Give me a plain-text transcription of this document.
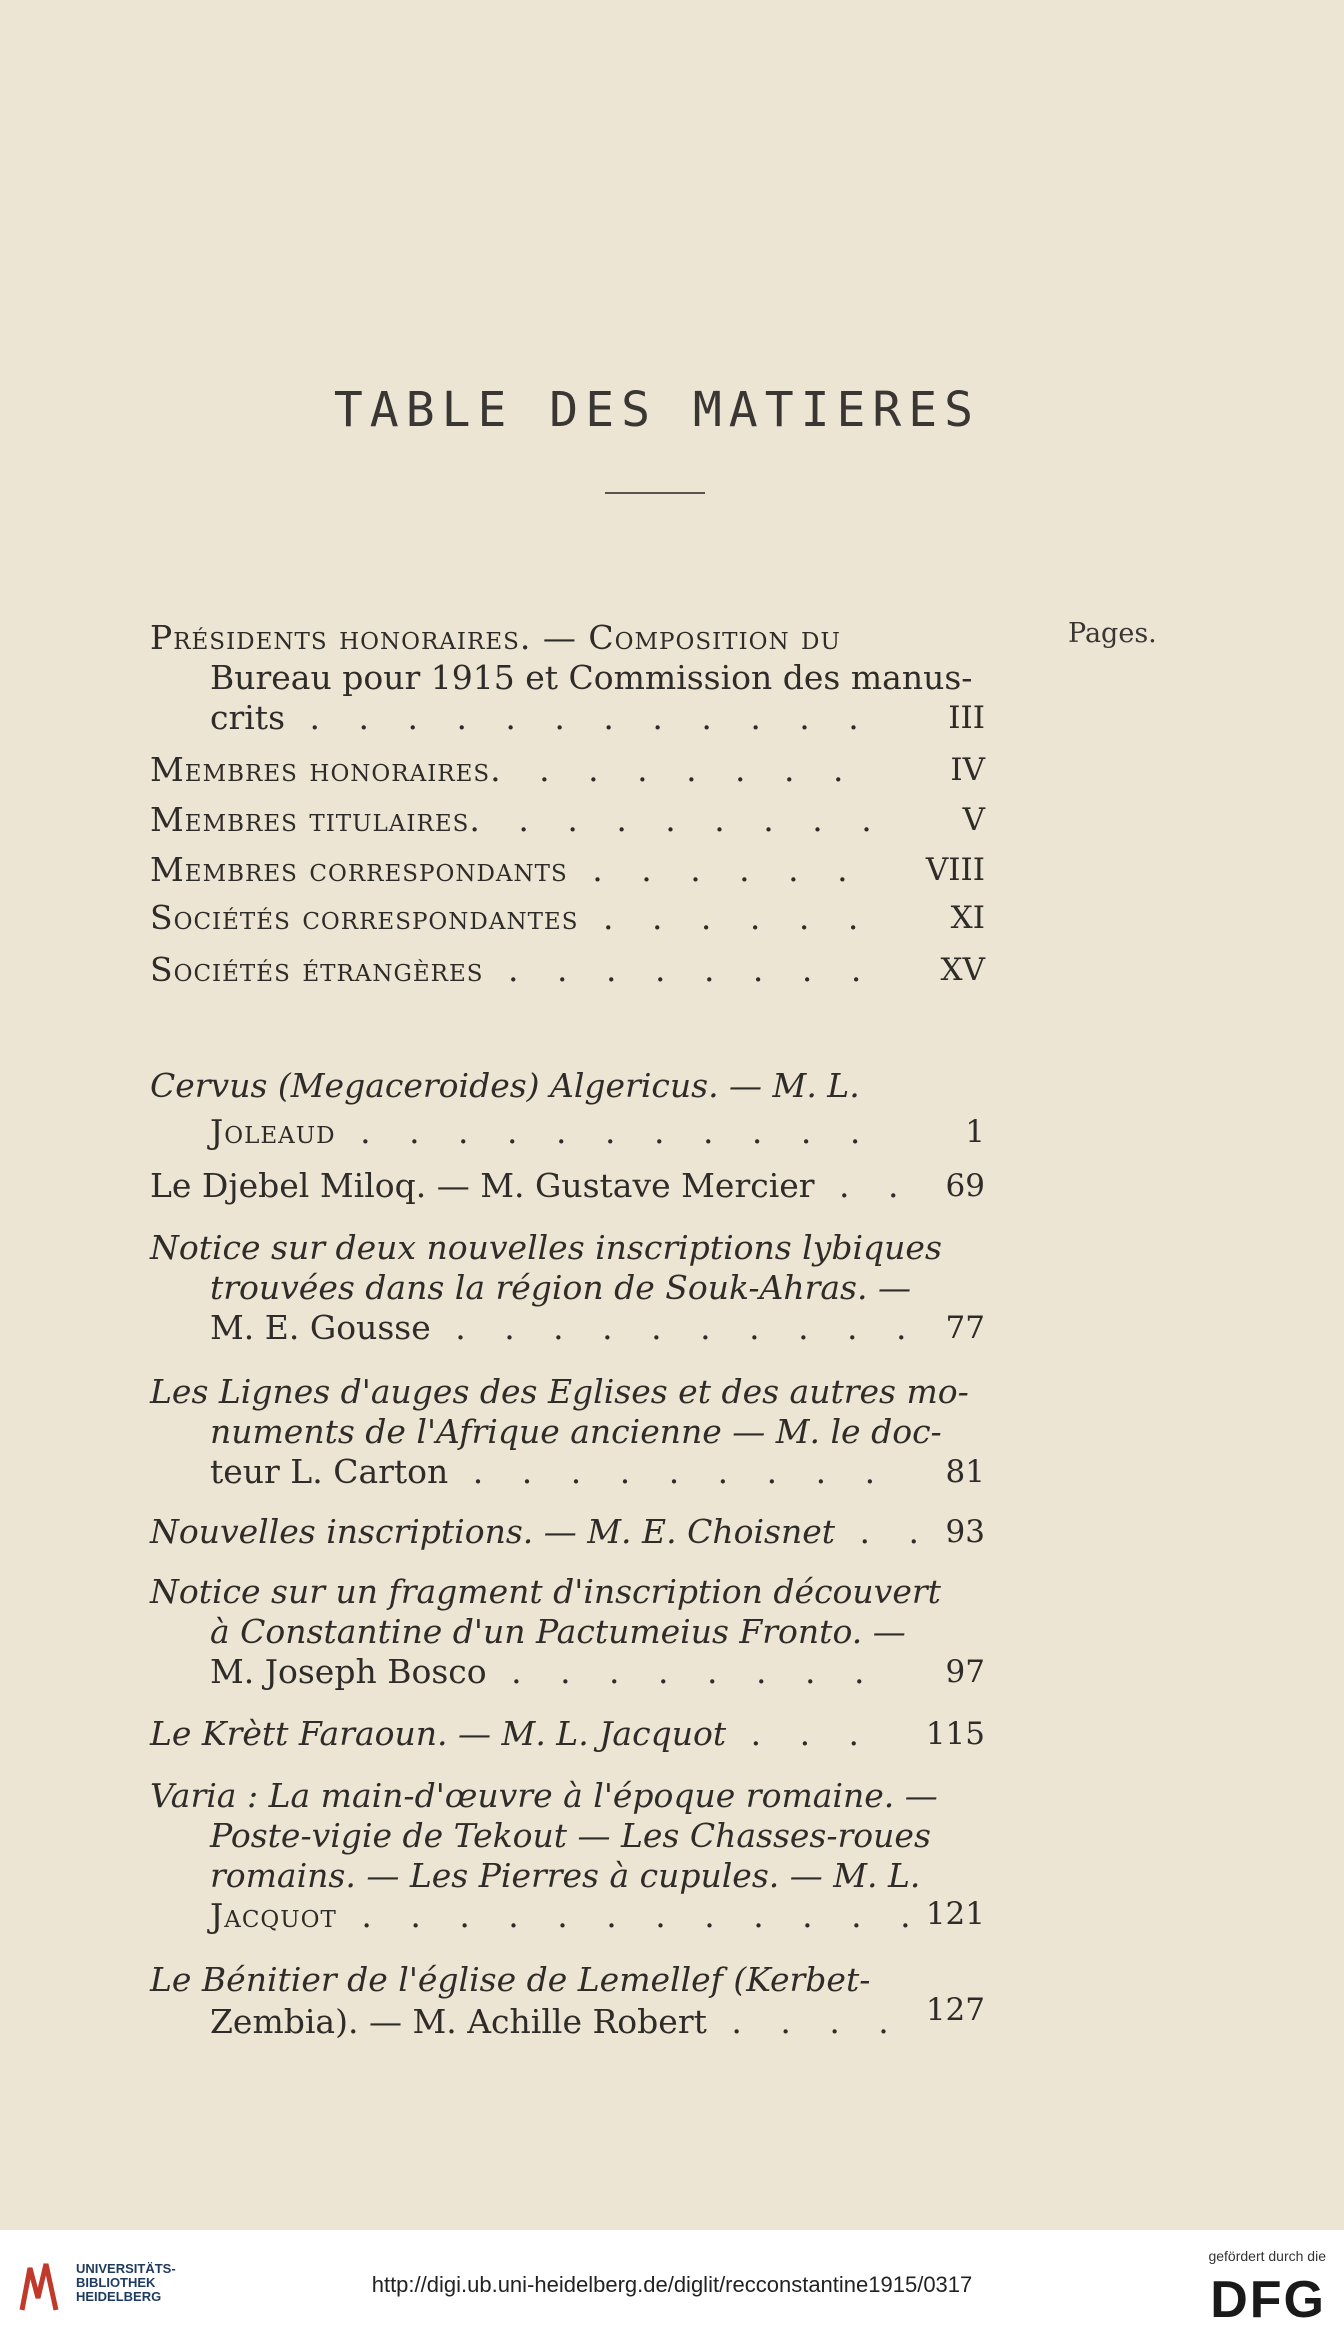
TABLE DES MATIERES
Pages.
Présidents honoraires. — Composition du
Bureau pour 1915 et Commission des manus-
crits . . . . . . . . . . . .	III
Membres honoraires. . . . . . . .	IV
Membres titulaires. . . . . . . . .	V
Membres correspondants . . . . . .	VIII
Sociétés correspondantes . . . . . .	XI
Sociétés étrangères . . . . . . . .	XV
Cervus (Megaceroides) Algericus. — M. L.
Joleaud . . . . . . . . . . .	1
Le Djebel Miloq. — M. Gustave Mercier . .	69
Notice sur deux nouvelles inscriptions lybiques
trouvées dans la région de Souk-Ahras. —
M. E. Gousse . . . . . . . . . . 77
Les Lignes d'auges des Eglises et des autres mo-
numents de l'Afrique ancienne — M. le doc-
teur L. Carton . . . . . . . . .	81
Nouvelles inscriptions. — M. E. Choisnet . . 93
Notice sur un fragment d'inscription découvert
à Constantine d'un Pactumeius Fronto. —
M. Joseph Bosco . . . . . . . .	97
Le Krètt Faraoun. — M. L. Jacquot . . .	115
Varia : La main-d'œuvre à l'époque romaine. —
Poste-vigie de Tekout — Les Chasses-roues
romains. — Les Pierres à cupules. — M. L.
Jacquot . . . . . . . . . . . . 121
Le Bénitier de l'église de Lemellef (Kerbet-
Zembia). — M. Achille Robert . . . . 127
UNIVERSITÄTS-
BIBLIOTHEK
HEIDELBERG	http://digi.ub.uni-heidelberg.de/diglit/recconstantine1915/0317
gefördert durch die
DFG
